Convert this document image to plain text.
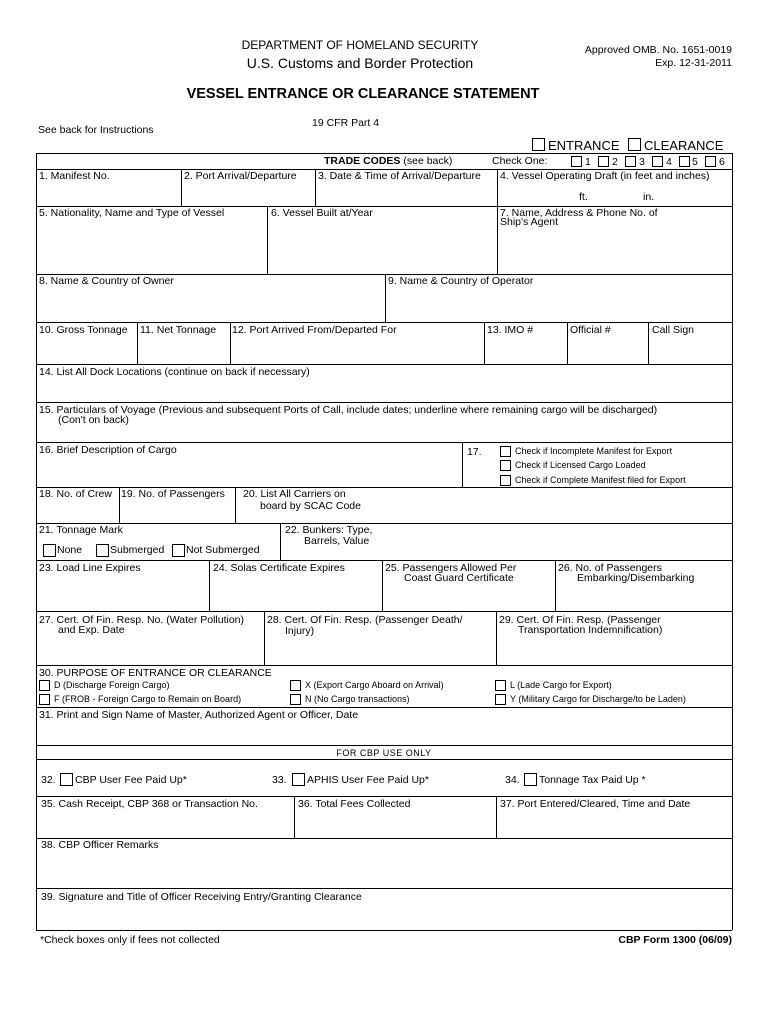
DEPARTMENT OF HOMELAND SECURITY
U.S. Customs and Border Protection
Approved OMB. No. 1651-0019
Exp. 12-31-2011
VESSEL ENTRANCE OR CLEARANCE STATEMENT
19 CFR Part 4
See back for Instructions
ENTRANCE CLEARANCE
TRADE CODES (see back)	Check One:	1 2 3 4 5 6
1. Manifest No.	2. Port Arrival/Departure 3. Date & Time of Arrival/Departure 4. Vessel Operating Draft (in feet and inches)
ft.	in.
5. Nationality, Name and Type of Vessel	6. Vessel Built at/Year	7. Name, Address & Phone No. of
Ship's Agent
8. Name & Country of Owner	9. Name & Country of Operator
10. Gross Tonnage 11. Net Tonnage 12. Port Arrived From/Departed For	13. IMO #	Official #	Call Sign
14. List All Dock Locations (continue on back if necessary)
15. Particulars of Voyage (Previous and subsequent Ports of Call, include dates; underline where remaining cargo will be discharged)
(Con't on back)
16. Brief Description of Cargo	17.	Check if Incomplete Manifest for Export
Check if Licensed Cargo Loaded
Check if Complete Manifest filed for Export
18. No. of Crew 19. No. of Passengers 20. List All Carriers on
board by SCAC Code
21. Tonnage Mark
None	Submerged Not Submerged
22. Bunkers: Type,
Barrels, Value
23. Load Line Expires	24. Solas Certificate Expires	25. Passengers Allowed Per
Coast Guard Certificate
26. No. of Passengers
Embarking/Disembarking
27. Cert. Of Fin. Resp. No. (Water Pollution)
and Exp. Date
28. Cert. Of Fin. Resp. (Passenger Death/
Injury)
29. Cert. Of Fin. Resp. (Passenger
Transportation Indemnification)
30. PURPOSE OF ENTRANCE OR CLEARANCE
D (Discharge Foreign Cargo)
F (FROB - Foreign Cargo to Remain on Board)
X (Export Cargo Aboard on Arrival)
N (No Cargo transactions)
L (Lade Cargo for Export)
Y (Military Cargo for Discharge/to be Laden)
31. Print and Sign Name of Master, Authorized Agent or Officer, Date
FOR CBP USE ONLY
32. CBP User Fee Paid Up*	33. APHIS User Fee Paid Up*	34. Tonnage Tax Paid Up *
35. Cash Receipt, CBP 368 or Transaction No.	36. Total Fees Collected	37. Port Entered/Cleared, Time and Date
38. CBP Officer Remarks
39. Signature and Title of Officer Receiving Entry/Granting Clearance
*Check boxes only if fees not collected	CBP Form 1300 (06/09)
